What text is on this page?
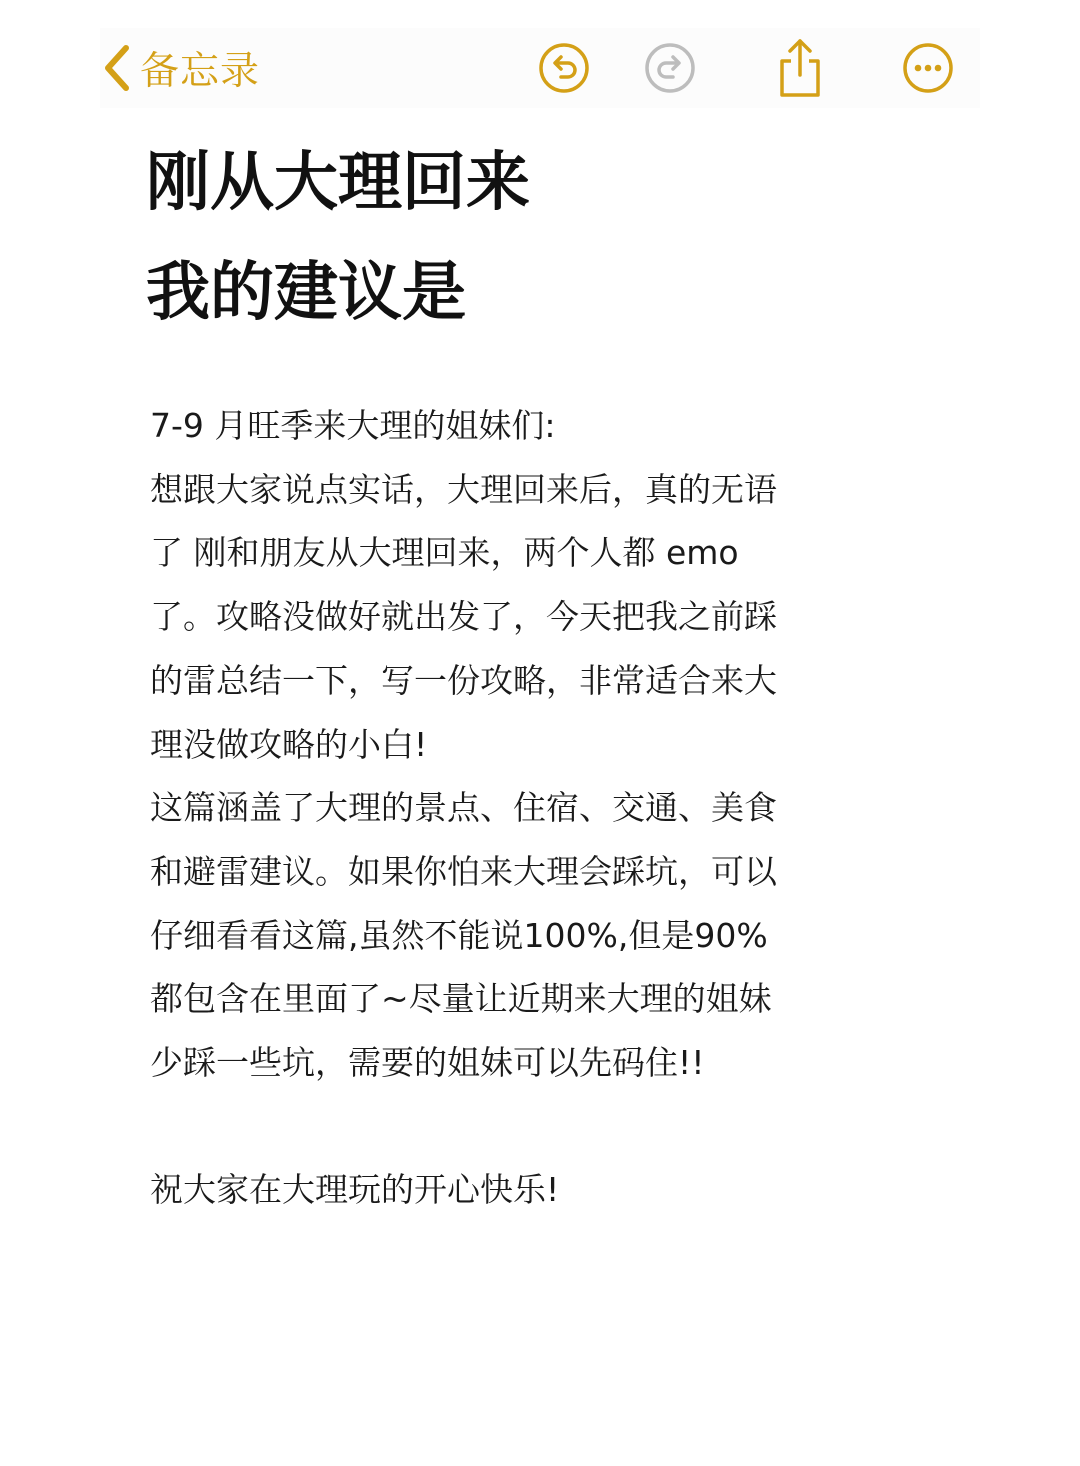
备忘录
刚从大理回来
我的建议是

7-9 月旺季来大理的姐妹们:

想跟大家说点实话，大理回来后，真的无语

了 刚和朋友从大理回来，两个人都 emo

了。攻略没做好就出发了，今天把我之前踩

的雷总结一下，写一份攻略，非常适合来大

理没做攻略的小白!

这篇涵盖了大理的景点、住宿、交通、美食

和避雷建议。如果你怕来大理会踩坑，可以

仔细看看这篇,虽然不能说100%,但是90%

都包含在里面了~尽量让近期来大理的姐妹

少踩一些坑，需要的姐妹可以先码住!!

祝大家在大理玩的开心快乐!
